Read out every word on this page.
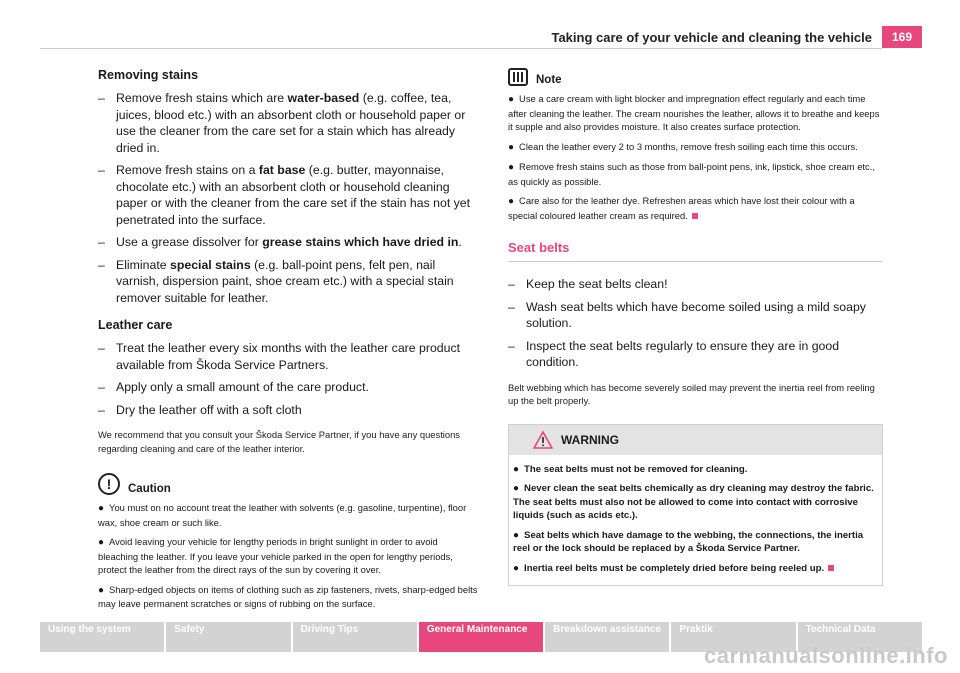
Taking care of your vehicle and cleaning the vehicle	169
Removing stains
– Remove fresh stains which are water-based (e.g. coffee, tea, juices, blood etc.) with an absorbent cloth or household paper or use the cleaner from the care set for a stain which has already dried in.
– Remove fresh stains on a fat base (e.g. butter, mayonnaise, chocolate etc.) with an absorbent cloth or household cleaning paper or with the cleaner from the care set if the stain has not yet penetrated into the surface.
– Use a grease dissolver for grease stains which have dried in.
– Eliminate special stains (e.g. ball-point pens, felt pen, nail varnish, dispersion paint, shoe cream etc.) with a special stain remover suitable for leather.
Leather care
– Treat the leather every six months with the leather care product available from Škoda Service Partners.
– Apply only a small amount of the care product.
– Dry the leather off with a soft cloth
We recommend that you consult your Škoda Service Partner, if you have any questions regarding cleaning and care of the leather interior.
!	Caution
● You must on no account treat the leather with solvents (e.g. gasoline, turpentine), floor wax, shoe cream or such like.
● Avoid leaving your vehicle for lengthy periods in bright sunlight in order to avoid bleaching the leather. If you leave your vehicle parked in the open for lengthy periods, protect the leather from the direct rays of the sun by covering it over.
● Sharp-edged objects on items of clothing such as zip fasteners, rivets, sharp-edged belts may leave permanent scratches or signs of rubbing on the surface.
Note
● Use a care cream with light blocker and impregnation effect regularly and each time after cleaning the leather. The cream nourishes the leather, allows it to breathe and keeps it supple and also provides moisture. It also creates surface protection.
● Clean the leather every 2 to 3 months, remove fresh soiling each time this occurs.
● Remove fresh stains such as those from ball-point pens, ink, lipstick, shoe cream etc., as quickly as possible.
● Care also for the leather dye. Refreshen areas which have lost their colour with a special coloured leather cream as required.
Seat belts
– Keep the seat belts clean!
– Wash seat belts which have become soiled using a mild soapy solution.
– Inspect the seat belts regularly to ensure they are in good condition.
Belt webbing which has become severely soiled may prevent the inertia reel from reeling up the belt properly.
WARNING
● The seat belts must not be removed for cleaning.
● Never clean the seat belts chemically as dry cleaning may destroy the fabric. The seat belts must also not be allowed to come into contact with corrosive liquids (such as acids etc.).
● Seat belts which have damage to the webbing, the connections, the inertia reel or the lock should be replaced by a Škoda Service Partner.
● Inertia reel belts must be completely dried before being reeled up.
Using the system	Safety	Driving Tips	General Maintenance	Breakdown assistance	Praktik	Technical Data
carmanualsonline.info
